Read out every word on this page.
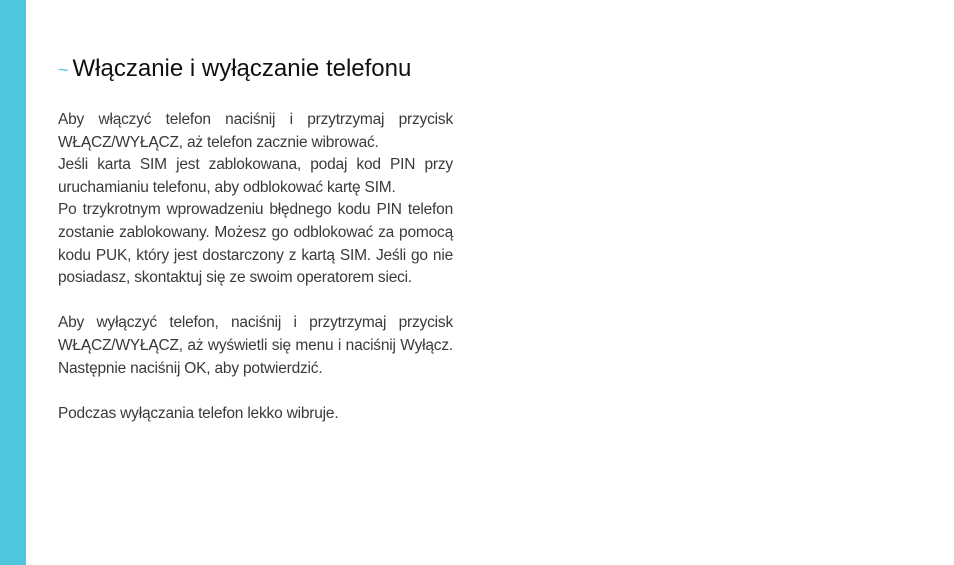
~ Włączanie i wyłączanie telefonu

Aby włączyć telefon naciśnij i przytrzymaj przycisk WŁĄCZ/WYŁĄCZ, aż telefon zacznie wibrować.

Jeśli karta SIM jest zablokowana, podaj kod PIN przy uruchamianiu telefonu, aby odblokować kartę SIM.

Po trzykrotnym wprowadzeniu błędnego kodu PIN telefon zostanie zablokowany. Możesz go odblokować za pomocą kodu PUK, który jest dostarczony z kartą SIM. Jeśli go nie posiadasz, skontaktuj się ze swoim operatorem sieci.

Aby wyłączyć telefon, naciśnij i przytrzymaj przycisk WŁĄCZ/WYŁĄCZ, aż wyświetli się menu i naciśnij Wyłącz. Następnie naciśnij OK, aby potwierdzić.

Podczas wyłączania telefon lekko wibruje.
